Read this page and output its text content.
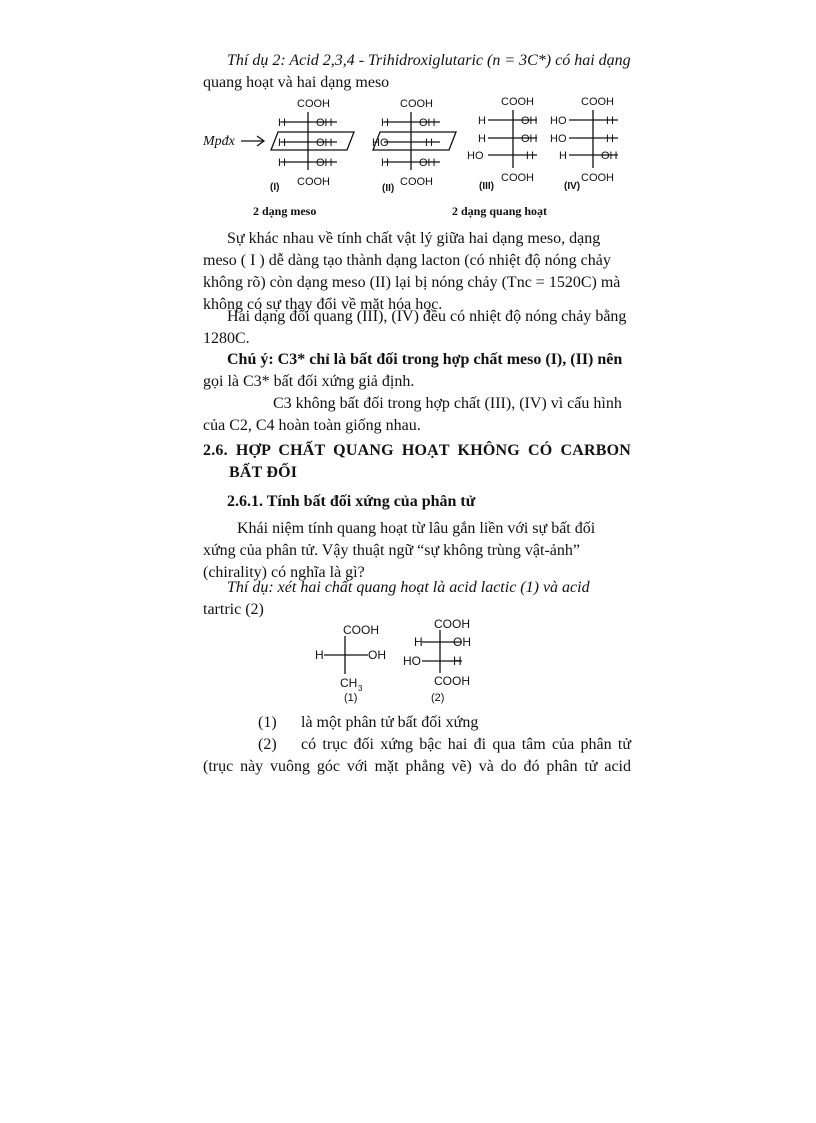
Thí dụ 2: Acid 2,3,4 - Trihidroxiglutaric (n = 3C*) có hai dạng

quang hoạt và hai dạng meso

Mpđx
COOH
H	OH
H	OH
H	OH
COOH
(I)
COOH
H	OH
HO	H
H	OH
COOH
(II)
COOH
H	OH
H	OH
HO	H
COOH
(III)
COOH
HO	H
HO	H
H	OH
COOH
(IV)
2 dạng meso	2 dạng quang hoạt

Sự khác nhau về tính chất vật lý giữa hai dạng meso, dạng

meso ( I ) dễ dàng tạo thành dạng lacton (có nhiệt độ nóng chảy

không rõ) còn dạng meso (II) lại bị nóng chảy (Tnc = 1520C) mà

không có sự thay đổi về mặt hóa học.

Hai dạng đối quang (III), (IV) đều có nhiệt độ nóng chảy bằng

1280C.

Chú ý: C3* chỉ là bất đối trong hợp chất meso (I), (II) nên

gọi là C3* bất đối xứng giả định.

C3 không bất đối trong hợp chất (III), (IV) vì cấu hình

của C2, C4 hoàn toàn giống nhau.

2.6. HỢP CHẤT QUANG HOẠT KHÔNG CÓ CARBON

BẤT ĐỐI

2.6.1. Tính bất đối xứng của phân tử

Khái niệm tính quang hoạt từ lâu gắn liền với sự bất đối

xứng của phân tử. Vậy thuật ngữ “sự không trùng vật-ảnh”

(chirality) có nghĩa là gì?

Thí dụ: xét hai chất quang hoạt là acid lactic (1) và acid

tartric (2)

COOH
H	OH
CH 3
(1)
COOH
H	OH
HO	H
COOH
(2)

(1) là một phân tử bất đối xứng

(2) có trục đối xứng bậc hai đi qua tâm của phân tử

(trục này vuông góc với mặt phẳng vẽ) và do đó phân tử acid
